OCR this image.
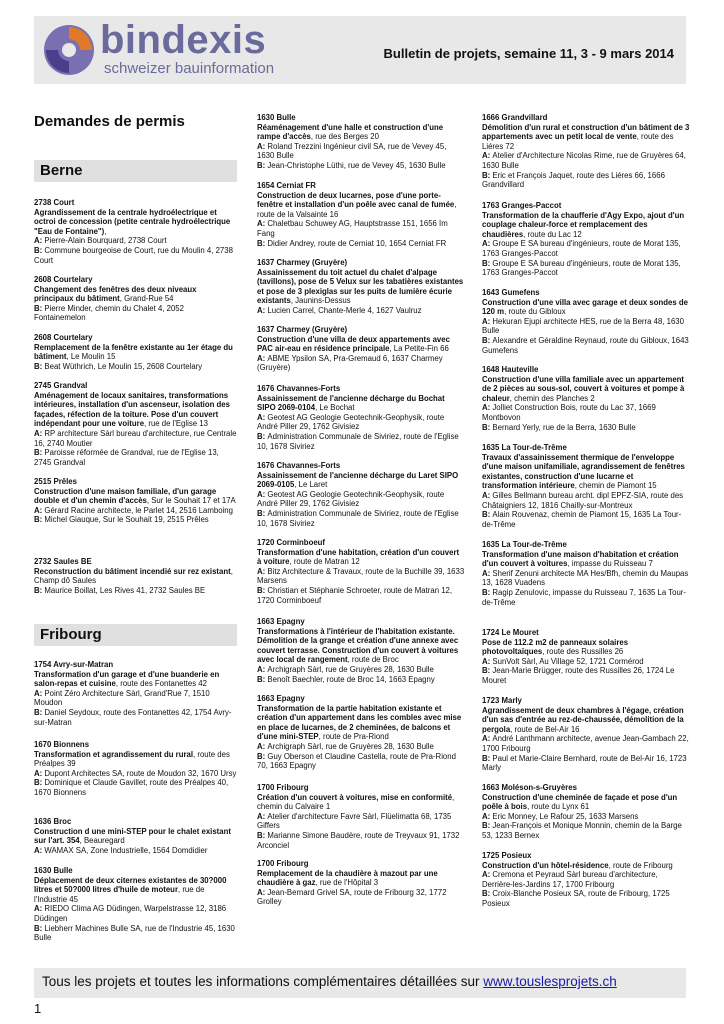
bindexis
schweizer bauinformation
Bulletin de projets, semaine 11, 3 - 9 mars 2014
Demandes de permis
Berne
Fribourg
2738 Court
Agrandissement de la centrale hydroélectrique et octroi de concession (petite centrale hydroélectrique "Eau de Fontaine"),
A: Pierre-Alain Bourquard, 2738 Court
B: Commune bourgeoise de Court, rue du Moulin 4, 2738 Court
2608 Courtelary
Changement des fenêtres des deux niveaux principaux du bâtiment, Grand-Rue 54
B: Pierre Minder, chemin du Chalet 4, 2052 Fontainemelon
2608 Courtelary
Remplacement de la fenêtre existante au 1er étage du bâtiment, Le Moulin 15
B: Beat Wüthrich, Le Moulin 15, 2608 Courtelary
2745 Grandval
Aménagement de locaux sanitaires, transformations intérieures, installation d'un ascenseur, isolation des façades, réfection de la toiture. Pose d'un couvert indépendant pour une voiture, rue de l'Eglise 13
A: RP architecture Sàrl bureau d'architecture, rue Centrale 16, 2740 Moutier
B: Paroisse réformée de Grandval, rue de l'Eglise 13, 2745 Grandval
2515 Prêles
Construction d'une maison familiale, d'un garage double et d'un chemin d'accès, Sur le Souhait 17 et 17A
A: Gérard Racine architecte, le Parlet 14, 2516 Lamboing
B: Michel Giauque, Sur le Souhait 19, 2515 Prêles
2732 Saules BE
Reconstruction du bâtiment incendié sur rez existant, Champ dô Saules
B: Maurice Boillat, Les Rives 41, 2732 Saules BE
1754 Avry-sur-Matran
Transformation d'un garage et d'une buanderie en salon-repas et cuisine, route des Fontanettes 42
A: Point Zéro Architecture Sàrl, Grand'Rue 7, 1510 Moudon
B: Daniel Seydoux, route des Fontanettes 42, 1754 Avry-sur-Matran
1670 Bionnens
Transformation et agrandissement du rural, route des Préalpes 39
A: Dupont Architectes SA, route de Moudon 32, 1670 Ursy
B: Dominique et Claude Gavillet, route des Préalpes 40, 1670 Bionnens
1636 Broc
Construction d une mini-STEP pour le chalet existant sur l'art. 354, Beauregard
A: WAMAX SA, Zone Industrielle, 1564 Domdidier

1630 Bulle
Déplacement de deux citernes existantes de 30?000 litres et 50?000 litres d'huile de moteur, rue de l'Industrie 45
A: RIEDO Clima AG Düdingen, Warpelstrasse 12, 3186 Düdingen
B: Liebherr Machines Bulle SA, rue de l'Industrie 45, 1630 Bulle
1630 Bulle
Réaménagement d'une halle et construction d'une rampe d'accès, rue des Berges 20
A: Roland Trezzini Ingénieur civil SA, rue de Vevey 45, 1630 Bulle
B: Jean-Christophe Lüthi, rue de Vevey 45, 1630 Bulle
1654 Cerniat FR
Construction de deux lucarnes, pose d'une porte-fenêtre et installation d'un poêle avec canal de fumée, route de la Valsainte 16
A: Chaletbau Schuwey AG, Hauptstrasse 151, 1656 Im Fang
B: Didier Andrey, route de Cerniat 10, 1654 Cerniat FR
1637 Charmey (Gruyère)
Assainissement du toit actuel du chalet d'alpage (tavillons), pose de 5 Velux sur les tabatières existantes et pose de 3 plexiglas sur les puits de lumière écurie existants, Jaunins-Dessus
A: Lucien Carrel, Chante-Merle 4, 1627 Vaulruz

1637 Charmey (Gruyère)
Construction d'une villa de deux appartements avec PAC air-eau en résidence principale, La Petite-Fin 66
A: ABME Ypsilon SA, Pra-Gremaud 6, 1637 Charmey (Gruyère)

1676 Chavannes-Forts
Assainissement de l'ancienne décharge du Bochat SIPO 2069-0104, Le Bochat
A: Geotest AG Geologie Geotechnik-Geophysik, route André Piller 29, 1762 Givisiez
B: Administration Communale de Siviriez, route de l'Eglise 10, 1678 Siviriez
1676 Chavannes-Forts
Assainissement de l'ancienne décharge du Laret SIPO 2069-0105, Le Laret
A: Geotest AG Geologie Geotechnik-Geophysik, route André Piller 29, 1762 Givisiez
B: Administration Communale de Siviriez, route de l'Eglise 10, 1678 Siviriez
1720 Corminboeuf
Transformation d'une habitation, création d'un couvert à voiture, route de Matran 12
A: Bitz Architecture & Travaux, route de la Buchille 39, 1633 Marsens
B: Christian et Stéphanie Schroeter, route de Matran 12, 1720 Corminboeuf
1663 Epagny
Transformations à l'intérieur de l'habitation existante. Démolition de la grange et création d'une annexe avec couvert terrasse. Construction d'un couvert à voitures avec local de rangement, route de Broc
A: Archigraph Sàrl, rue de Gruyères 28, 1630 Bulle
B: Benoît Baechler, route de Broc 14, 1663 Epagny
1663 Epagny
Transformation de la partie habitation existante et création d'un appartement dans les combles avec mise en place de lucarnes, de 2 cheminées, de balcons et d'une mini-STEP, route de Pra-Riond
A: Archigraph Sàrl, rue de Gruyères 28, 1630 Bulle
B: Guy Oberson et Claudine Castella, route de Pra-Riond 70, 1663 Epagny
1700 Fribourg
Création d'un couvert à voitures, mise en conformité, chemin du Calvaire 1
A: Atelier d'architecture Favre Sàrl, Flüelimatta 68, 1735 Giffers
B: Marianne Simone Baudère, route de Treyvaux 91, 1732 Arconciel
1700 Fribourg
Remplacement de la chaudière à mazout par une chaudière à gaz, rue de l'Hôpital 3
A: Jean-Bernard Grivel SA, route de Fribourg 32, 1772 Grolley

1666 Grandvillard
Démolition d'un rural et construction d'un bâtiment de 3 appartements avec un petit local de vente, route des Liéres 72
A: Atelier d'Architecture Nicolas Rime, rue de Gruyères 64, 1630 Bulle
B: Eric et François Jaquet, route des Liéres 66, 1666 Grandvillard
1763 Granges-Paccot
Transformation de la chaufferie d'Agy Expo, ajout d'un couplage chaleur-force et remplacement des chaudières, route du Lac 12
A: Groupe E SA bureau d'ingénieurs, route de Morat 135, 1763 Granges-Paccot
B: Groupe E SA bureau d'ingénieurs, route de Morat 135, 1763 Granges-Paccot
1643 Gumefens
Construction d'une villa avec garage et deux sondes de 120 m, route du Gibloux
A: Hekuran Ejupi architecte HES, rue de la Berra 48, 1630 Bulle
B: Alexandre et Géraldine Reynaud, route du Gibloux, 1643 Gumefens
1648 Hauteville
Construction d'une villa familiale avec un appartement de 2 pièces au sous-sol, couvert à voitures et pompe à chaleur, chemin des Planches 2
A: Jolliet Construction Bois, route du Lac 37, 1669 Montbovon
B: Bernard Yerly, rue de la Berra, 1630 Bulle
1635 La Tour-de-Trême
Travaux d'assainissement thermique de l'enveloppe d'une maison unifamiliale, agrandissement de fenêtres existantes, construction d'une lucarne et transformation intérieure, chemin de Piamont 15
A: Gilles Bellmann bureau archt. dipl EPFZ-SIA, route des Châtaigniers 12, 1816 Chailly-sur-Montreux
B: Alain Rouvenaz, chemin de Piamont 15, 1635 La Tour-de-Trême
1635 La Tour-de-Trême
Transformation d'une maison d'habitation et création d'un couvert à voitures, impasse du Ruisseau 7
A: Sherif Zenuni architecte MA Hes/Bfh, chemin du Maupas 13, 1628 Vuadens
B: Ragip Zenulovic, impasse du Ruisseau 7, 1635 La Tour-de-Trême
1724 Le Mouret
Pose de 112.2 m2 de panneaux solaires photovoltaïques, route des Russilles 26
A: SunVolt Sàrl, Au Village 52, 1721 Cormérod
B: Jean-Marie Brügger, route des Russilles 26, 1724 Le Mouret
1723 Marly
Agrandissement de deux chambres à l'égage, création d'un sas d'entrée au rez-de-chaussée, démolition de la pergola, route de Bel-Air 16
A: André Lanthmann architecte, avenue Jean-Gambach 22, 1700 Fribourg
B: Paul et Marie-Claire Bernhard, route de Bel-Air 16, 1723 Marly
1663 Moléson-s-Gruyères
Construction d'une cheminée de façade et pose d'un poêle à bois, route du Lynx 61
A: Eric Monney, Le Rafour 25, 1633 Marsens
B: Jean-François et Monique Monnin, chemin de la Barge 53, 1233 Bernex
1725 Posieux
Construction d'un hôtel-résidence, route de Fribourg
A: Cremona et Peyraud Sàrl bureau d'architecture, Derrière-les-Jardins 17, 1700 Fribourg
B: Croix-Blanche Posieux SA, route de Fribourg, 1725 Posieux
Tous les projets et toutes les informations complémentaires détaillées sur www.touslesprojets.ch
1
